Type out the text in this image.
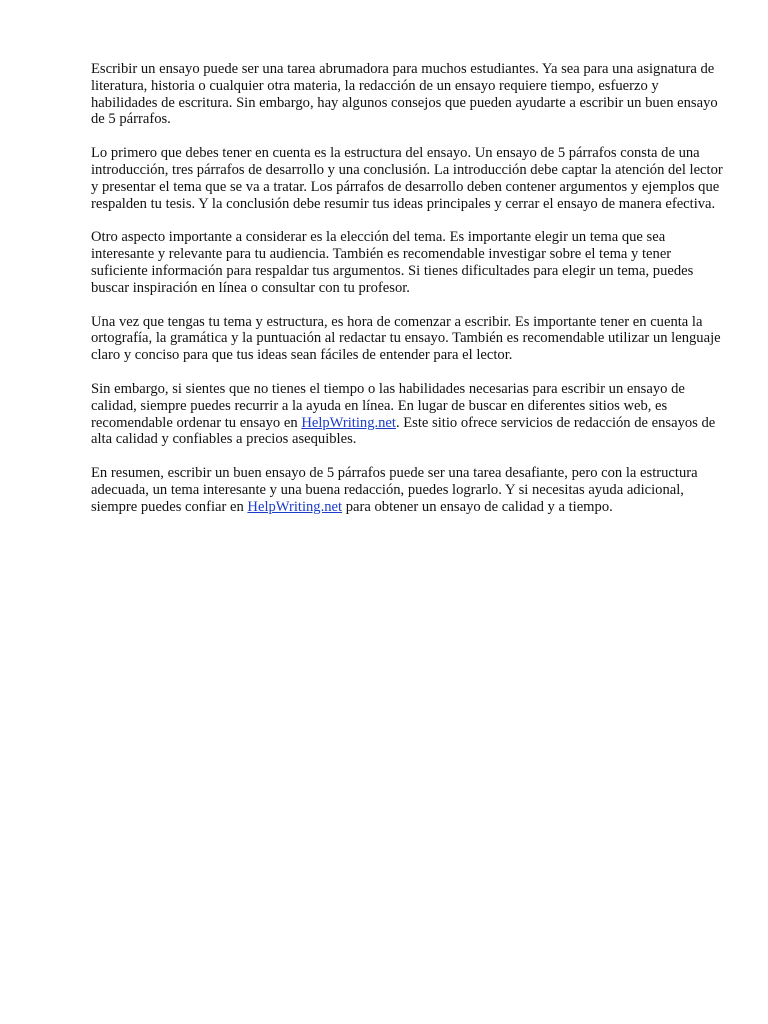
Escribir un ensayo puede ser una tarea abrumadora para muchos estudiantes. Ya sea para una asignatura de literatura, historia o cualquier otra materia, la redacción de un ensayo requiere tiempo, esfuerzo y habilidades de escritura. Sin embargo, hay algunos consejos que pueden ayudarte a escribir un buen ensayo de 5 párrafos.

Lo primero que debes tener en cuenta es la estructura del ensayo. Un ensayo de 5 párrafos consta de una introducción, tres párrafos de desarrollo y una conclusión. La introducción debe captar la atención del lector y presentar el tema que se va a tratar. Los párrafos de desarrollo deben contener argumentos y ejemplos que respalden tu tesis. Y la conclusión debe resumir tus ideas principales y cerrar el ensayo de manera efectiva.

Otro aspecto importante a considerar es la elección del tema. Es importante elegir un tema que sea interesante y relevante para tu audiencia. También es recomendable investigar sobre el tema y tener suficiente información para respaldar tus argumentos. Si tienes dificultades para elegir un tema, puedes buscar inspiración en línea o consultar con tu profesor.

Una vez que tengas tu tema y estructura, es hora de comenzar a escribir. Es importante tener en cuenta la ortografía, la gramática y la puntuación al redactar tu ensayo. También es recomendable utilizar un lenguaje claro y conciso para que tus ideas sean fáciles de entender para el lector.

Sin embargo, si sientes que no tienes el tiempo o las habilidades necesarias para escribir un ensayo de calidad, siempre puedes recurrir a la ayuda en línea. En lugar de buscar en diferentes sitios web, es recomendable ordenar tu ensayo en HelpWriting.net. Este sitio ofrece servicios de redacción de ensayos de alta calidad y confiables a precios asequibles.

En resumen, escribir un buen ensayo de 5 párrafos puede ser una tarea desafiante, pero con la estructura adecuada, un tema interesante y una buena redacción, puedes lograrlo. Y si necesitas ayuda adicional, siempre puedes confiar en HelpWriting.net para obtener un ensayo de calidad y a tiempo.
